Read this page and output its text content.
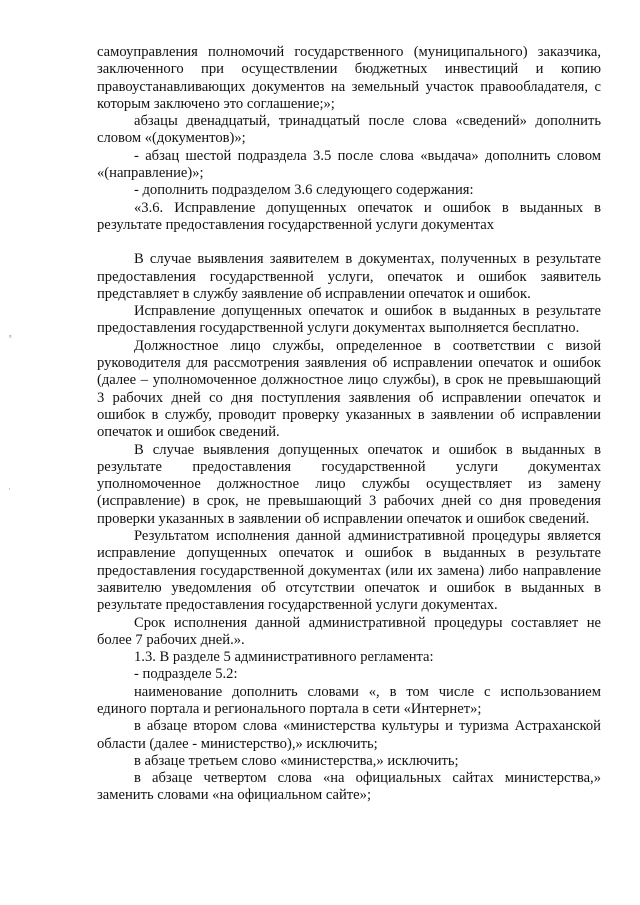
˚
·

самоуправления полномочий государственного (муниципального) заказчика, заключенного при осуществлении бюджетных инвестиций и копию правоустанавливающих документов на земельный участок правообладателя, с которым заключено это соглашение;»;

абзацы двенадцатый, тринадцатый после слова «сведений» дополнить словом «(документов)»;

- абзац шестой подраздела 3.5 после слова «выдача» дополнить словом «(направление)»;

- дополнить подразделом 3.6 следующего содержания:

«3.6. Исправление допущенных опечаток и ошибок в выданных в результате предоставления государственной услуги документах

В случае выявления заявителем в документах, полученных в результате предоставления государственной услуги, опечаток и ошибок заявитель представляет в службу заявление об исправлении опечаток и ошибок.

Исправление допущенных опечаток и ошибок в выданных в результате предоставления государственной услуги документах выполняется бесплатно.

Должностное лицо службы, определенное в соответствии с визой руководителя для рассмотрения заявления об исправлении опечаток и ошибок (далее – уполномоченное должностное лицо службы), в срок не превышающий 3 рабочих дней со дня поступления заявления об исправлении опечаток и ошибок в службу, проводит проверку указанных в заявлении об исправлении опечаток и ошибок сведений.

В случае выявления допущенных опечаток и ошибок в выданных в результате предоставления государственной услуги документах уполномоченное должностное лицо службы осуществляет из замену (исправление) в срок, не превышающий 3 рабочих дней со дня проведения проверки указанных в заявлении об исправлении опечаток и ошибок сведений.

Результатом исполнения данной административной процедуры является исправление допущенных опечаток и ошибок в выданных в результате предоставления государственной документах (или их замена) либо направление заявителю уведомления об отсутствии опечаток и ошибок в выданных в результате предоставления государственной услуги документах.

Срок исполнения данной административной процедуры составляет не более 7 рабочих дней.».

1.3. В разделе 5 административного регламента:

- подразделе 5.2:

наименование дополнить словами «, в том числе с использованием единого портала и регионального портала в сети «Интернет»;

в абзаце втором слова «министерства культуры и туризма Астраханской области (далее - министерство),» исключить;

в абзаце третьем слово «министерства,» исключить;

в абзаце четвертом слова «на официальных сайтах министерства,» заменить словами «на официальном сайте»;
